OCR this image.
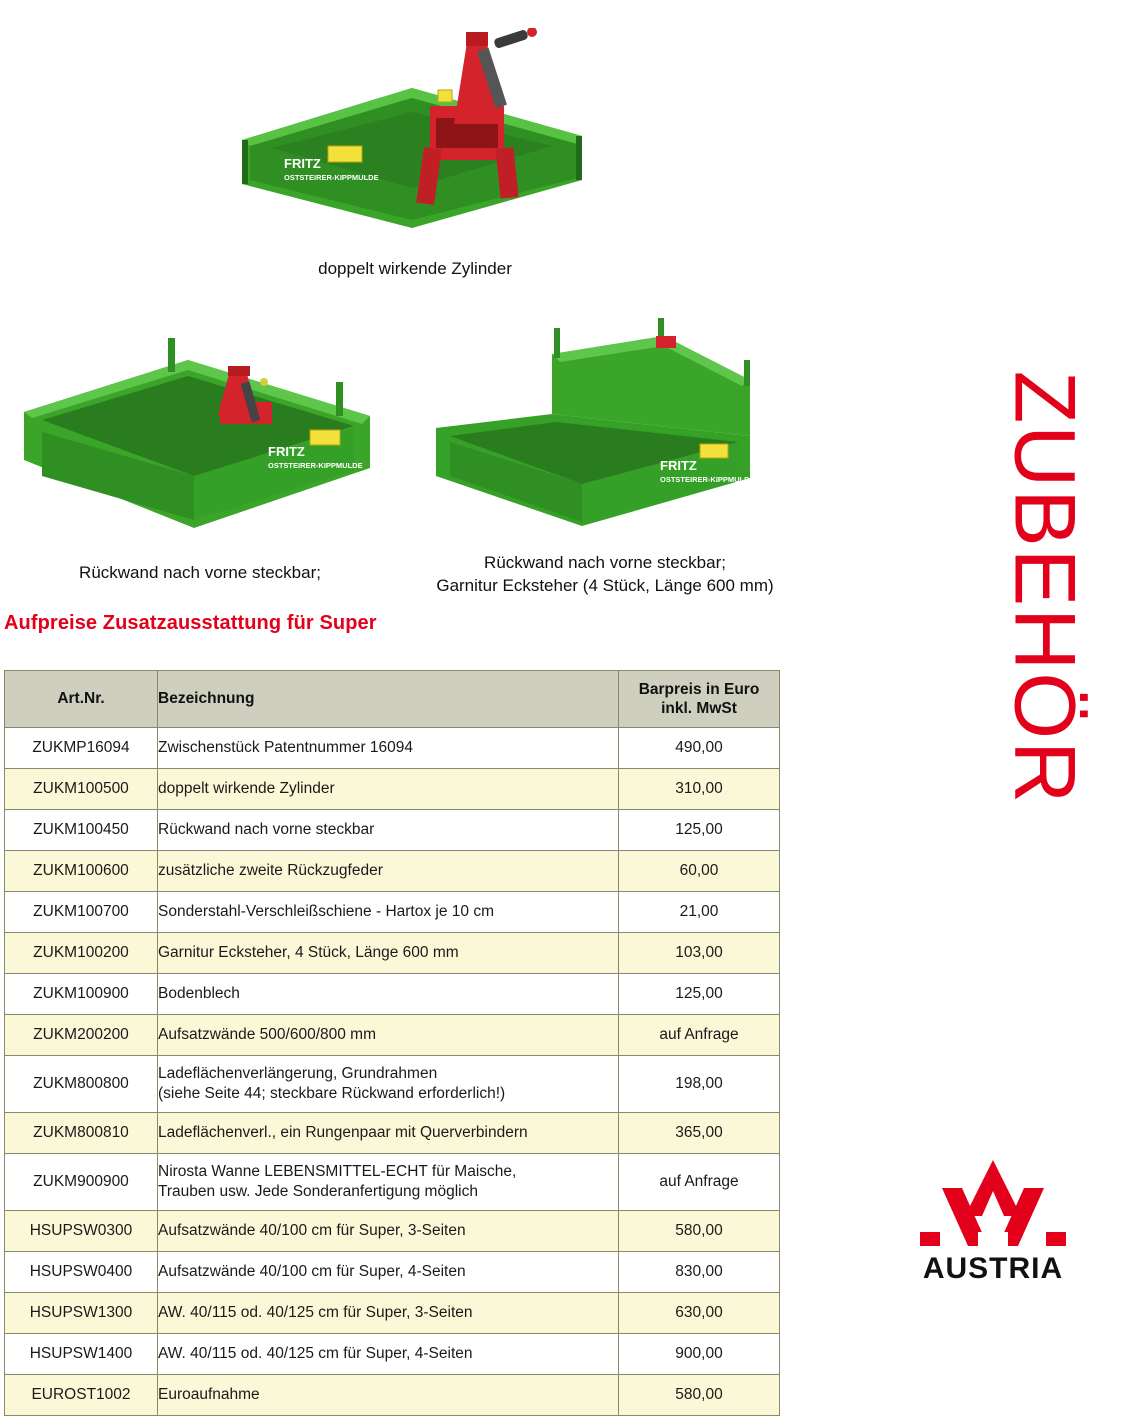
FRITZ
OSTSTEIRER-KIPPMULDE
doppelt wirkende Zylinder
FRITZ
OSTSTEIRER-KIPPMULDE
Rückwand nach vorne steckbar;
FRITZ
OSTSTEIRER-KIPPMULDE
Rückwand nach vorne steckbar;
Garnitur Ecksteher (4 Stück, Länge 600 mm)
Aufpreise Zusatzausstattung für Super
Art.Nr.	Bezeichnung	Barpreis in Euro
inkl. MwSt

ZUKMP16094	Zwischenstück Patentnummer 16094	490,00
ZUKM100500	doppelt wirkende Zylinder	310,00
ZUKM100450	Rückwand nach vorne steckbar	125,00
ZUKM100600	zusätzliche zweite Rückzugfeder	60,00
ZUKM100700	Sonderstahl-Verschleißschiene - Hartox je 10 cm	21,00
ZUKM100200	Garnitur Ecksteher, 4 Stück, Länge 600 mm	103,00
ZUKM100900	Bodenblech	125,00
ZUKM200200	Aufsatzwände 500/600/800 mm	auf Anfrage
ZUKM800800	Ladeflächenverlängerung, Grundrahmen
(siehe Seite 44; steckbare Rückwand erforderlich!)	198,00
ZUKM800810	Ladeflächenverl., ein Rungenpaar mit Querverbindern	365,00
ZUKM900900	Nirosta Wanne LEBENSMITTEL-ECHT für Maische,
Trauben usw. Jede Sonderanfertigung möglich	auf Anfrage
HSUPSW0300	Aufsatzwände 40/100 cm für Super, 3-Seiten	580,00
HSUPSW0400	Aufsatzwände 40/100 cm für Super, 4-Seiten	830,00
HSUPSW1300	AW. 40/115 od. 40/125 cm für Super, 3-Seiten	630,00
HSUPSW1400	AW. 40/115 od. 40/125 cm für Super, 4-Seiten	900,00
EUROST1002	Euroaufnahme	580,00
ZUBEHÖR
AUSTRIA
